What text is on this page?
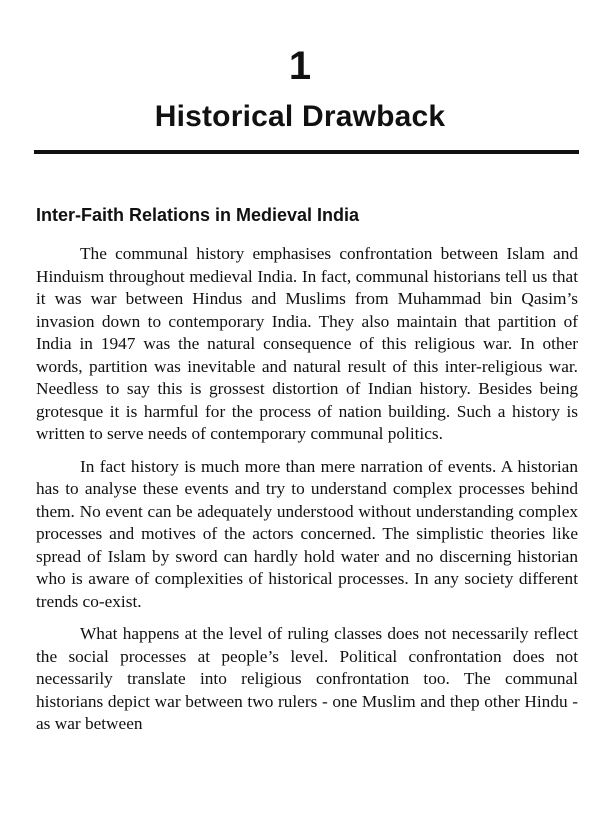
1
Historical Drawback
Inter-Faith Relations in Medieval India

The communal history emphasises confrontation between Islam and Hinduism throughout medieval India. In fact, communal historians tell us that it was war between Hindus and Muslims from Muhammad bin Qasim’s invasion down to contemporary India. They also maintain that partition of India in 1947 was the natural consequence of this religious war. In other words, partition was inevitable and natural result of this inter-religious war. Needless to say this is grossest distortion of Indian history. Besides being grotesque it is harmful for the process of nation building. Such a history is written to serve needs of contemporary communal politics.

In fact history is much more than mere narration of events. A historian has to analyse these events and try to understand complex processes behind them. No event can be adequately understood without understanding complex processes and motives of the actors concerned. The simplistic theories like spread of Islam by sword can hardly hold water and no discerning historian who is aware of complexities of historical processes. In any society different trends co-exist.

What happens at the level of ruling classes does not necessarily reflect the social processes at people’s level. Political confrontation does not necessarily translate into religious confrontation too. The communal historians depict war between two rulers - one Muslim and thep other Hindu - as war between
